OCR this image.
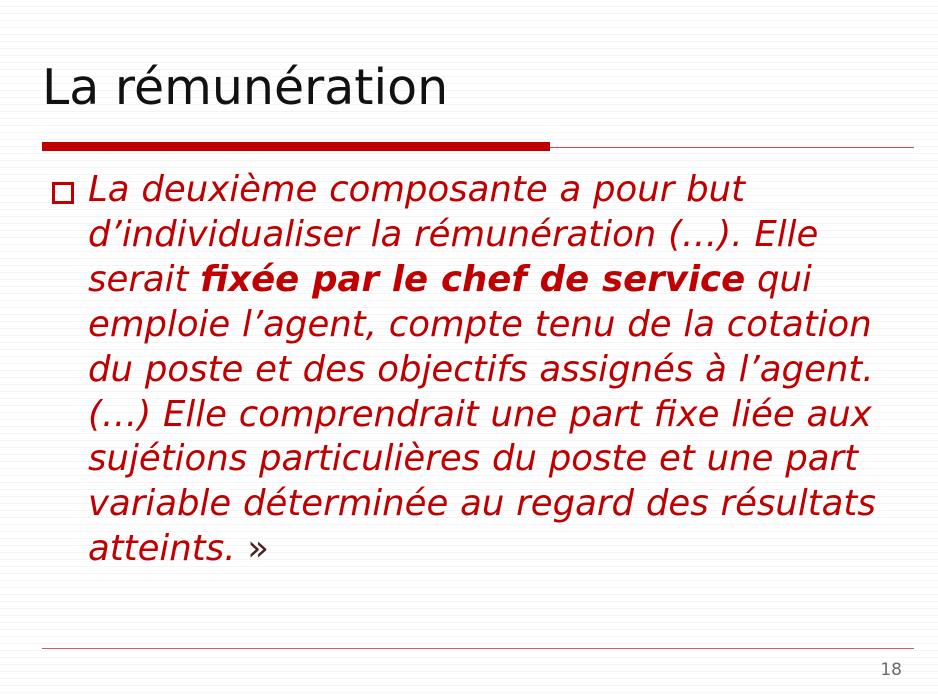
La rémunération
La deuxième composante a pour but d’individualiser la rémunération (…). Elle serait fixée par le chef de service qui emploie l’agent, compte tenu de la cotation du poste et des objectifs assignés à l’agent. (…) Elle comprendrait une part fixe liée aux sujétions particulières du poste et une part variable déterminée au regard des résultats atteints. »
18
